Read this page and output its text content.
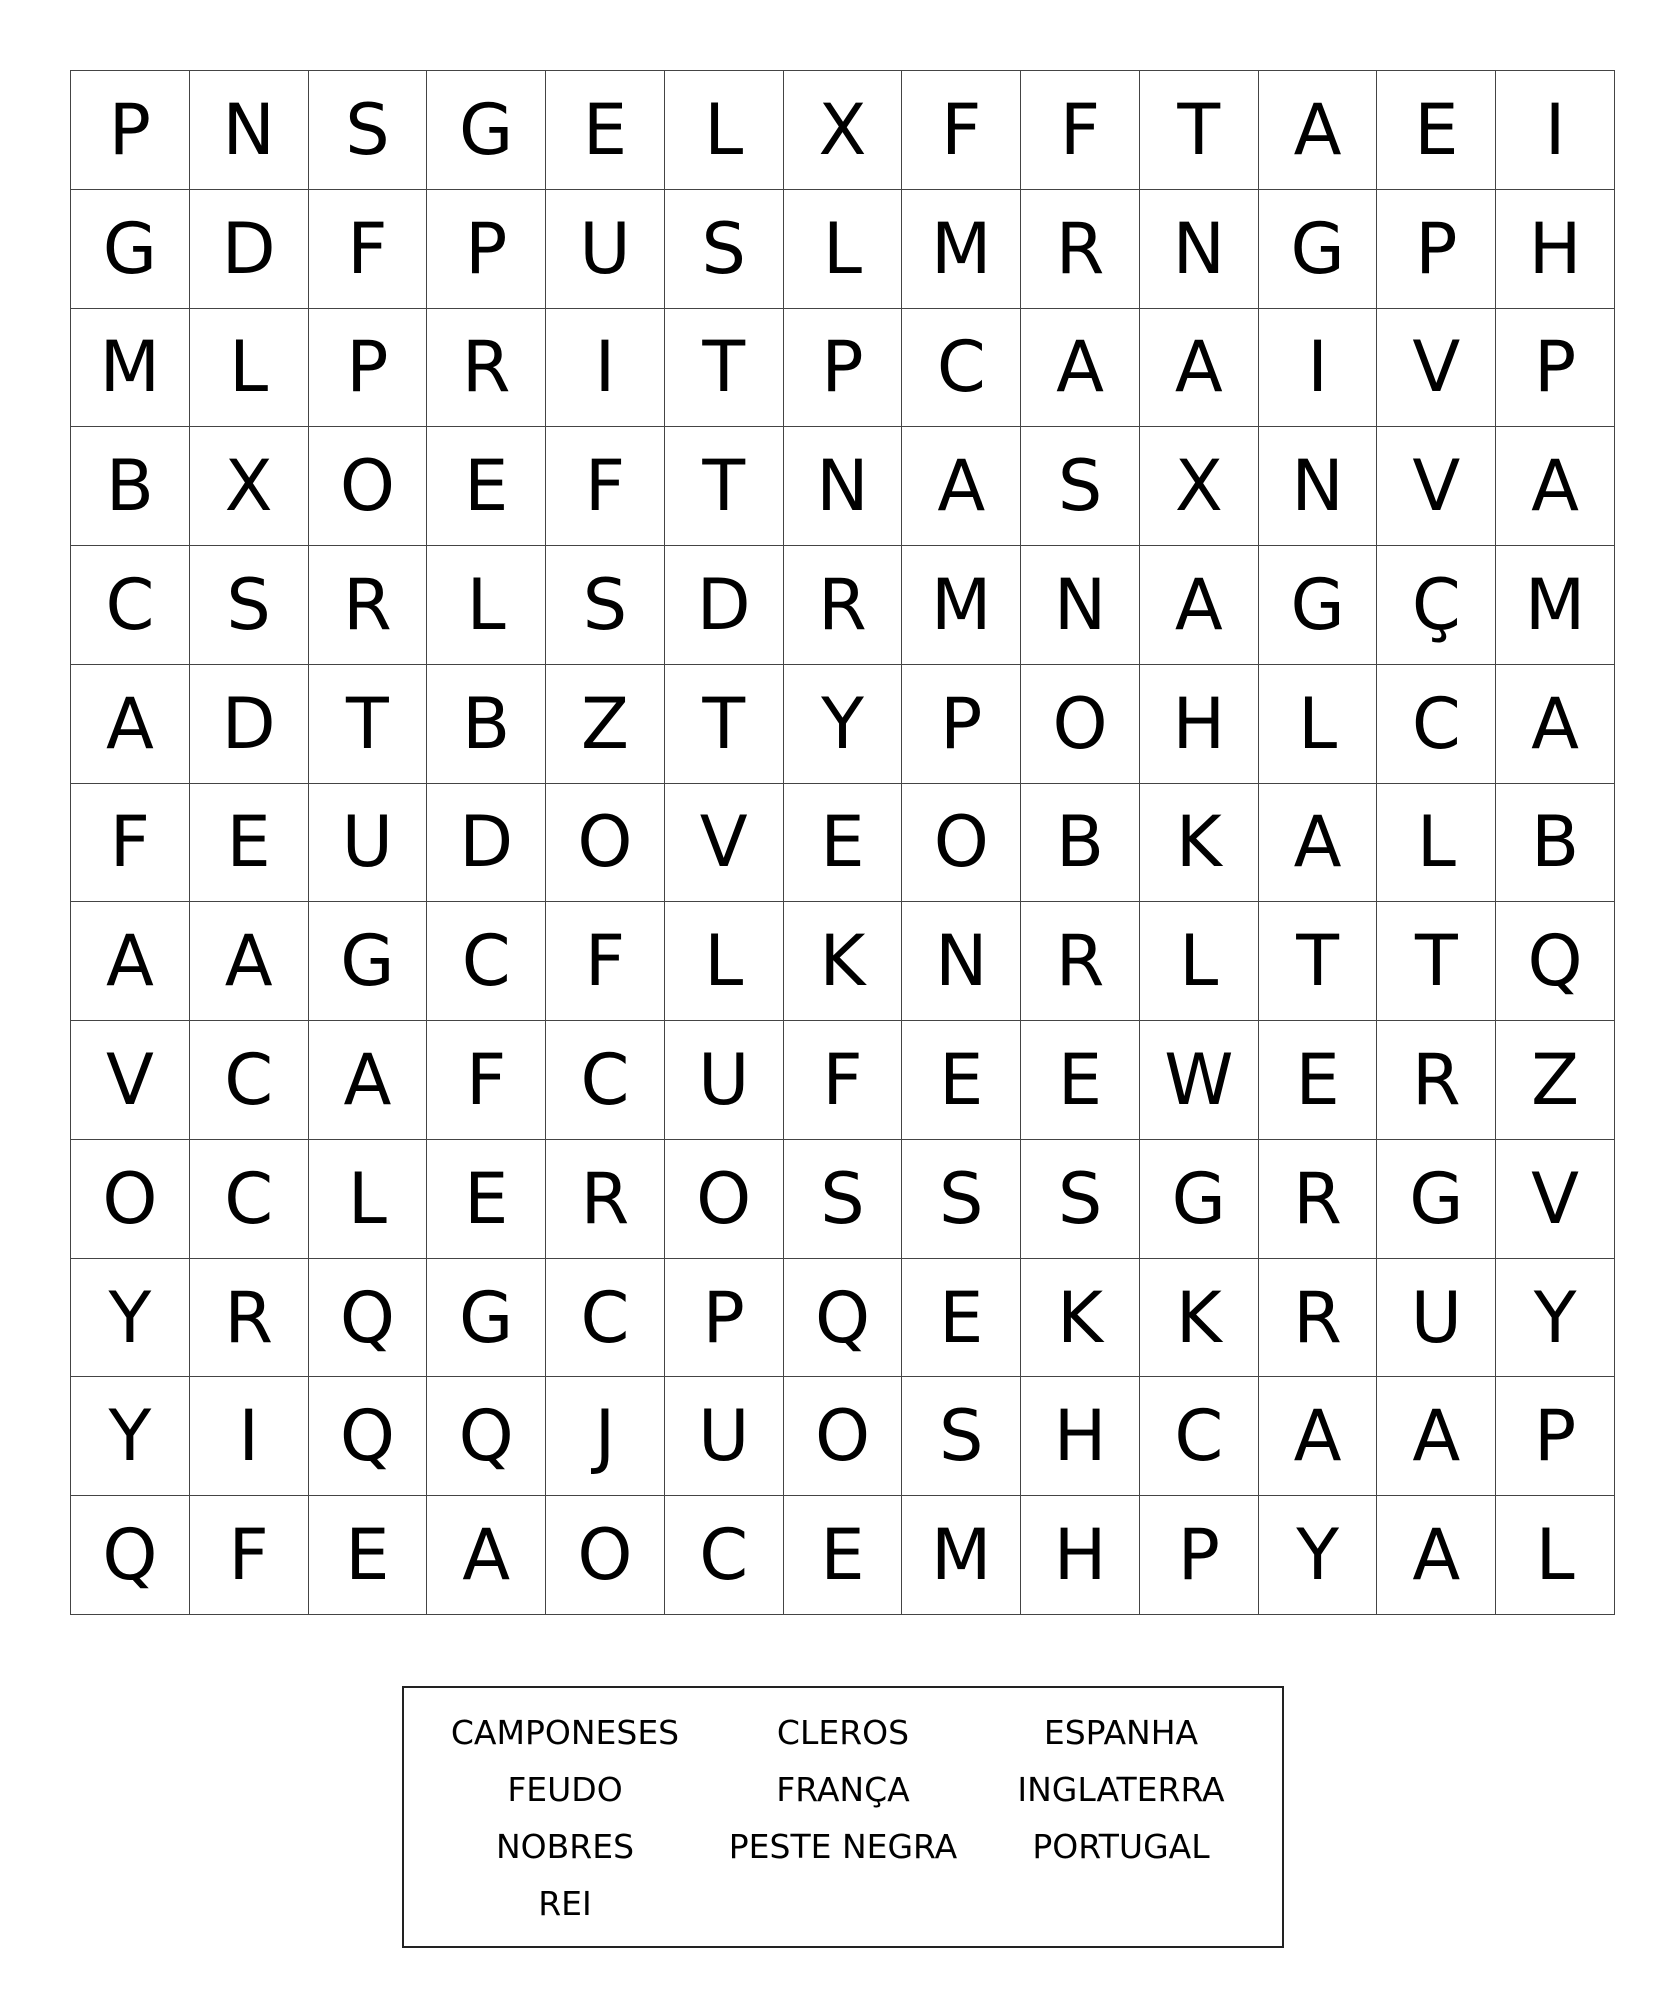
P	N	S G E	L	X	F	F	T	A	E	I
G D	F	P	U	S	L M R N G	P	H
M L	P	R	I	T	P	C	A	A	I	V	P
B	X O E	F	T	N A	S	X N V	A
C	S	R	L	S D R M N A G Ç M
A D	T	B	Z	T	Y	P	O H	L	C	A
F	E	U D O V	E O B	K	A	L	B
A	A G C	F	L	K N R	L	T	T Q
V	C	A	F	C U	F	E	E W E	R	Z
O C	L	E	R O S	S	S G R G V
Y	R Q G C	P	Q E	K	K	R U	Y
Y	I	Q Q	J	U O S	H C	A	A	P
Q	F	E	A O C	E M H	P	Y	A	L
CAMPONESES	CLEROS	ESPANHA
FEUDO	FRANÇA	INGLATERRA
NOBRES	PESTE NEGRA	PORTUGAL
REI
